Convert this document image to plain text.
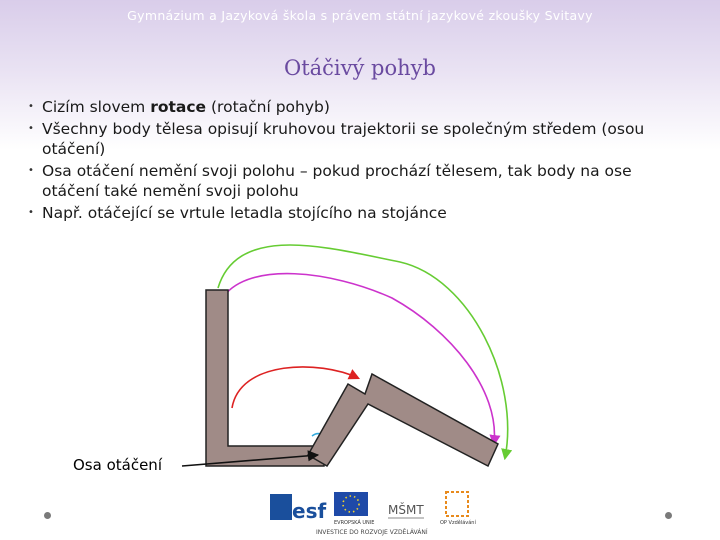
Gymnázium a Jazyková škola s právem státní jazykové zkoušky Svitavy
Otáčivý pohyb
• Cizím slovem rotace (rotační pohyb)
• Všechny body tělesa opisují kruhovou trajektorii se společným středem (osou otáčení)
• Osa otáčení nemění svoji polohu – pokud prochází tělesem, tak body na ose otáčení také nemění svoji polohu
• Např. otáčející se vrtule letadla stojícího na stojánce
Osa otáčení
esf EVROPSKÁ UNIE
MŠMT
OP Vzdělávání
INVESTICE DO ROZVOJE VZDĚLÁVÁNÍ
